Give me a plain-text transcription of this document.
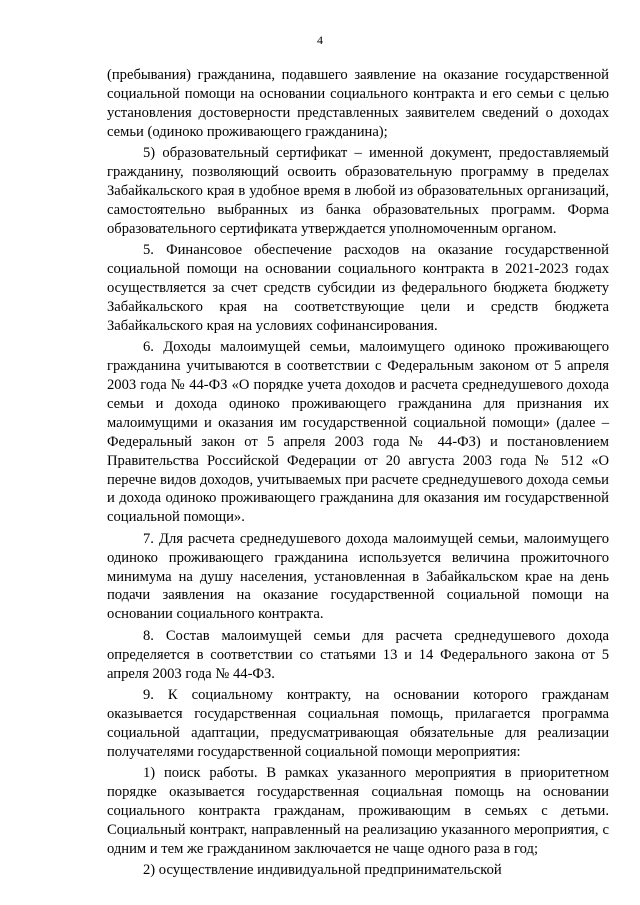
4

(пребывания) гражданина, подавшего заявление на оказание государственной социальной помощи на основании социального контракта и его семьи с целью установления достоверности представленных заявителем сведений о доходах семьи (одиноко проживающего гражданина);

5) образовательный сертификат – именной документ, предоставляемый гражданину, позволяющий освоить образовательную программу в пределах Забайкальского края в удобное время в любой из образовательных организаций, самостоятельно выбранных из банка образовательных программ. Форма образовательного сертификата утверждается уполномоченным органом.

5. Финансовое обеспечение расходов на оказание государственной социальной помощи на основании социального контракта в 2021-2023 годах осуществляется за счет средств субсидии из федерального бюджета бюджету Забайкальского края на соответствующие цели и средств бюджета Забайкальского края на условиях софинансирования.

6. Доходы малоимущей семьи, малоимущего одиноко проживающего гражданина учитываются в соответствии с Федеральным законом от 5 апреля 2003 года № 44-ФЗ «О порядке учета доходов и расчета среднедушевого дохода семьи и дохода одиноко проживающего гражданина для признания их малоимущими и оказания им государственной социальной помощи» (далее – Федеральный закон от 5 апреля 2003 года № 44-ФЗ) и постановлением Правительства Российской Федерации от 20 августа 2003 года № 512 «О перечне видов доходов, учитываемых при расчете среднедушевого дохода семьи и дохода одиноко проживающего гражданина для оказания им государственной социальной помощи».

7. Для расчета среднедушевого дохода малоимущей семьи, малоимущего одиноко проживающего гражданина используется величина прожиточного минимума на душу населения, установленная в Забайкальском крае на день подачи заявления на оказание государственной социальной помощи на основании социального контракта.

8. Состав малоимущей семьи для расчета среднедушевого дохода определяется в соответствии со статьями 13 и 14 Федерального закона от 5 апреля 2003 года № 44-ФЗ.

9. К социальному контракту, на основании которого гражданам оказывается государственная социальная помощь, прилагается программа социальной адаптации, предусматривающая обязательные для реализации получателями государственной социальной помощи мероприятия:

1) поиск работы. В рамках указанного мероприятия в приоритетном порядке оказывается государственная социальная помощь на основании социального контракта гражданам, проживающим в семьях с детьми. Социальный контракт, направленный на реализацию указанного мероприятия, с одним и тем же гражданином заключается не чаще одного раза в год;

2) осуществление индивидуальной предпринимательской
